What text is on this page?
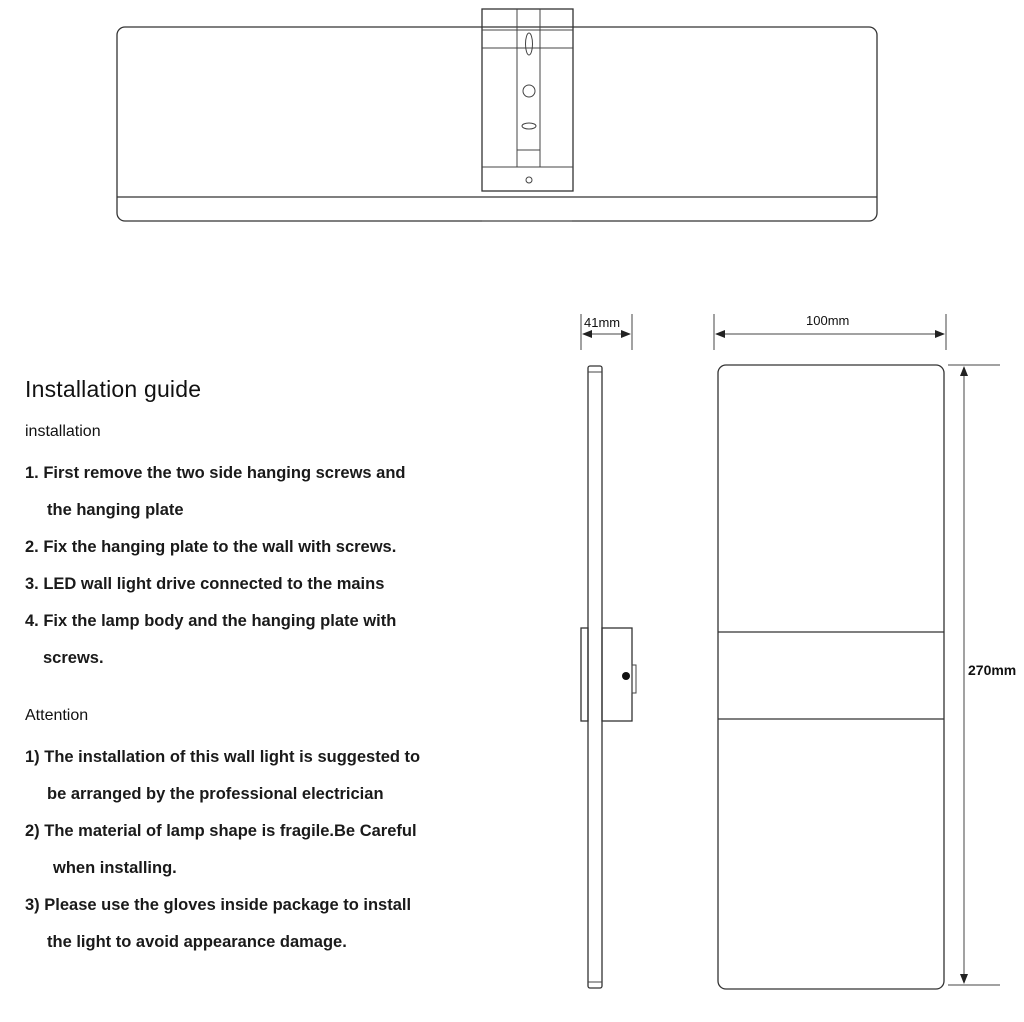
41mm	100mm
270mm
Installation guide
installation
1. First remove the two side hanging screws and
the hanging plate
2. Fix the hanging plate to the wall with screws.
3. LED wall light drive connected to the mains
4. Fix the lamp body and the hanging plate with
screws.
Attention
1) The installation of this wall light is suggested to
be arranged by the professional electrician
2) The material of lamp shape is fragile.Be Careful
when installing.
3) Please use the gloves inside package to install
the light to avoid appearance damage.
